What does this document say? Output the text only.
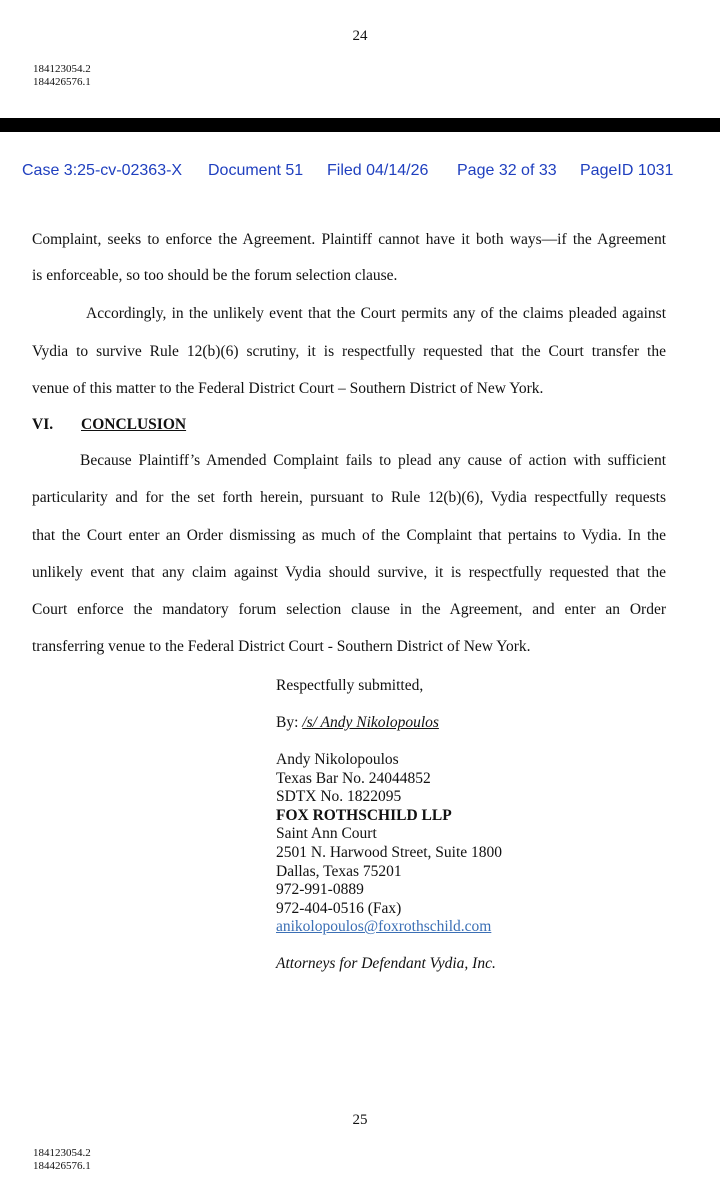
24
184123054.2
184426576.1
Case 3:25-cv-02363-X Document 51 Filed 04/14/26 Page 32 of 33 PageID 1031
Complaint, seeks to enforce the Agreement. Plaintiff cannot have it both ways—if the Agreement
is enforceable, so too should be the forum selection clause.
Accordingly, in the unlikely event that the Court permits any of the claims pleaded against
Vydia to survive Rule 12(b)(6) scrutiny, it is respectfully requested that the Court transfer the
venue of this matter to the Federal District Court – Southern District of New York.
VI. CONCLUSION
Because Plaintiff’s Amended Complaint fails to plead any cause of action with sufficient
particularity and for the set forth herein, pursuant to Rule 12(b)(6), Vydia respectfully requests
that the Court enter an Order dismissing as much of the Complaint that pertains to Vydia. In the
unlikely event that any claim against Vydia should survive, it is respectfully requested that the
Court enforce the mandatory forum selection clause in the Agreement, and enter an Order
transferring venue to the Federal District Court - Southern District of New York.
Respectfully submitted,
By: /s/ Andy Nikolopoulos
Andy Nikolopoulos
Texas Bar No. 24044852
SDTX No. 1822095
FOX ROTHSCHILD LLP
Saint Ann Court
2501 N. Harwood Street, Suite 1800
Dallas, Texas 75201
972-991-0889
972-404-0516 (Fax)
anikolopoulos@foxrothschild.com
Attorneys for Defendant Vydia, Inc.
25
184123054.2
184426576.1
